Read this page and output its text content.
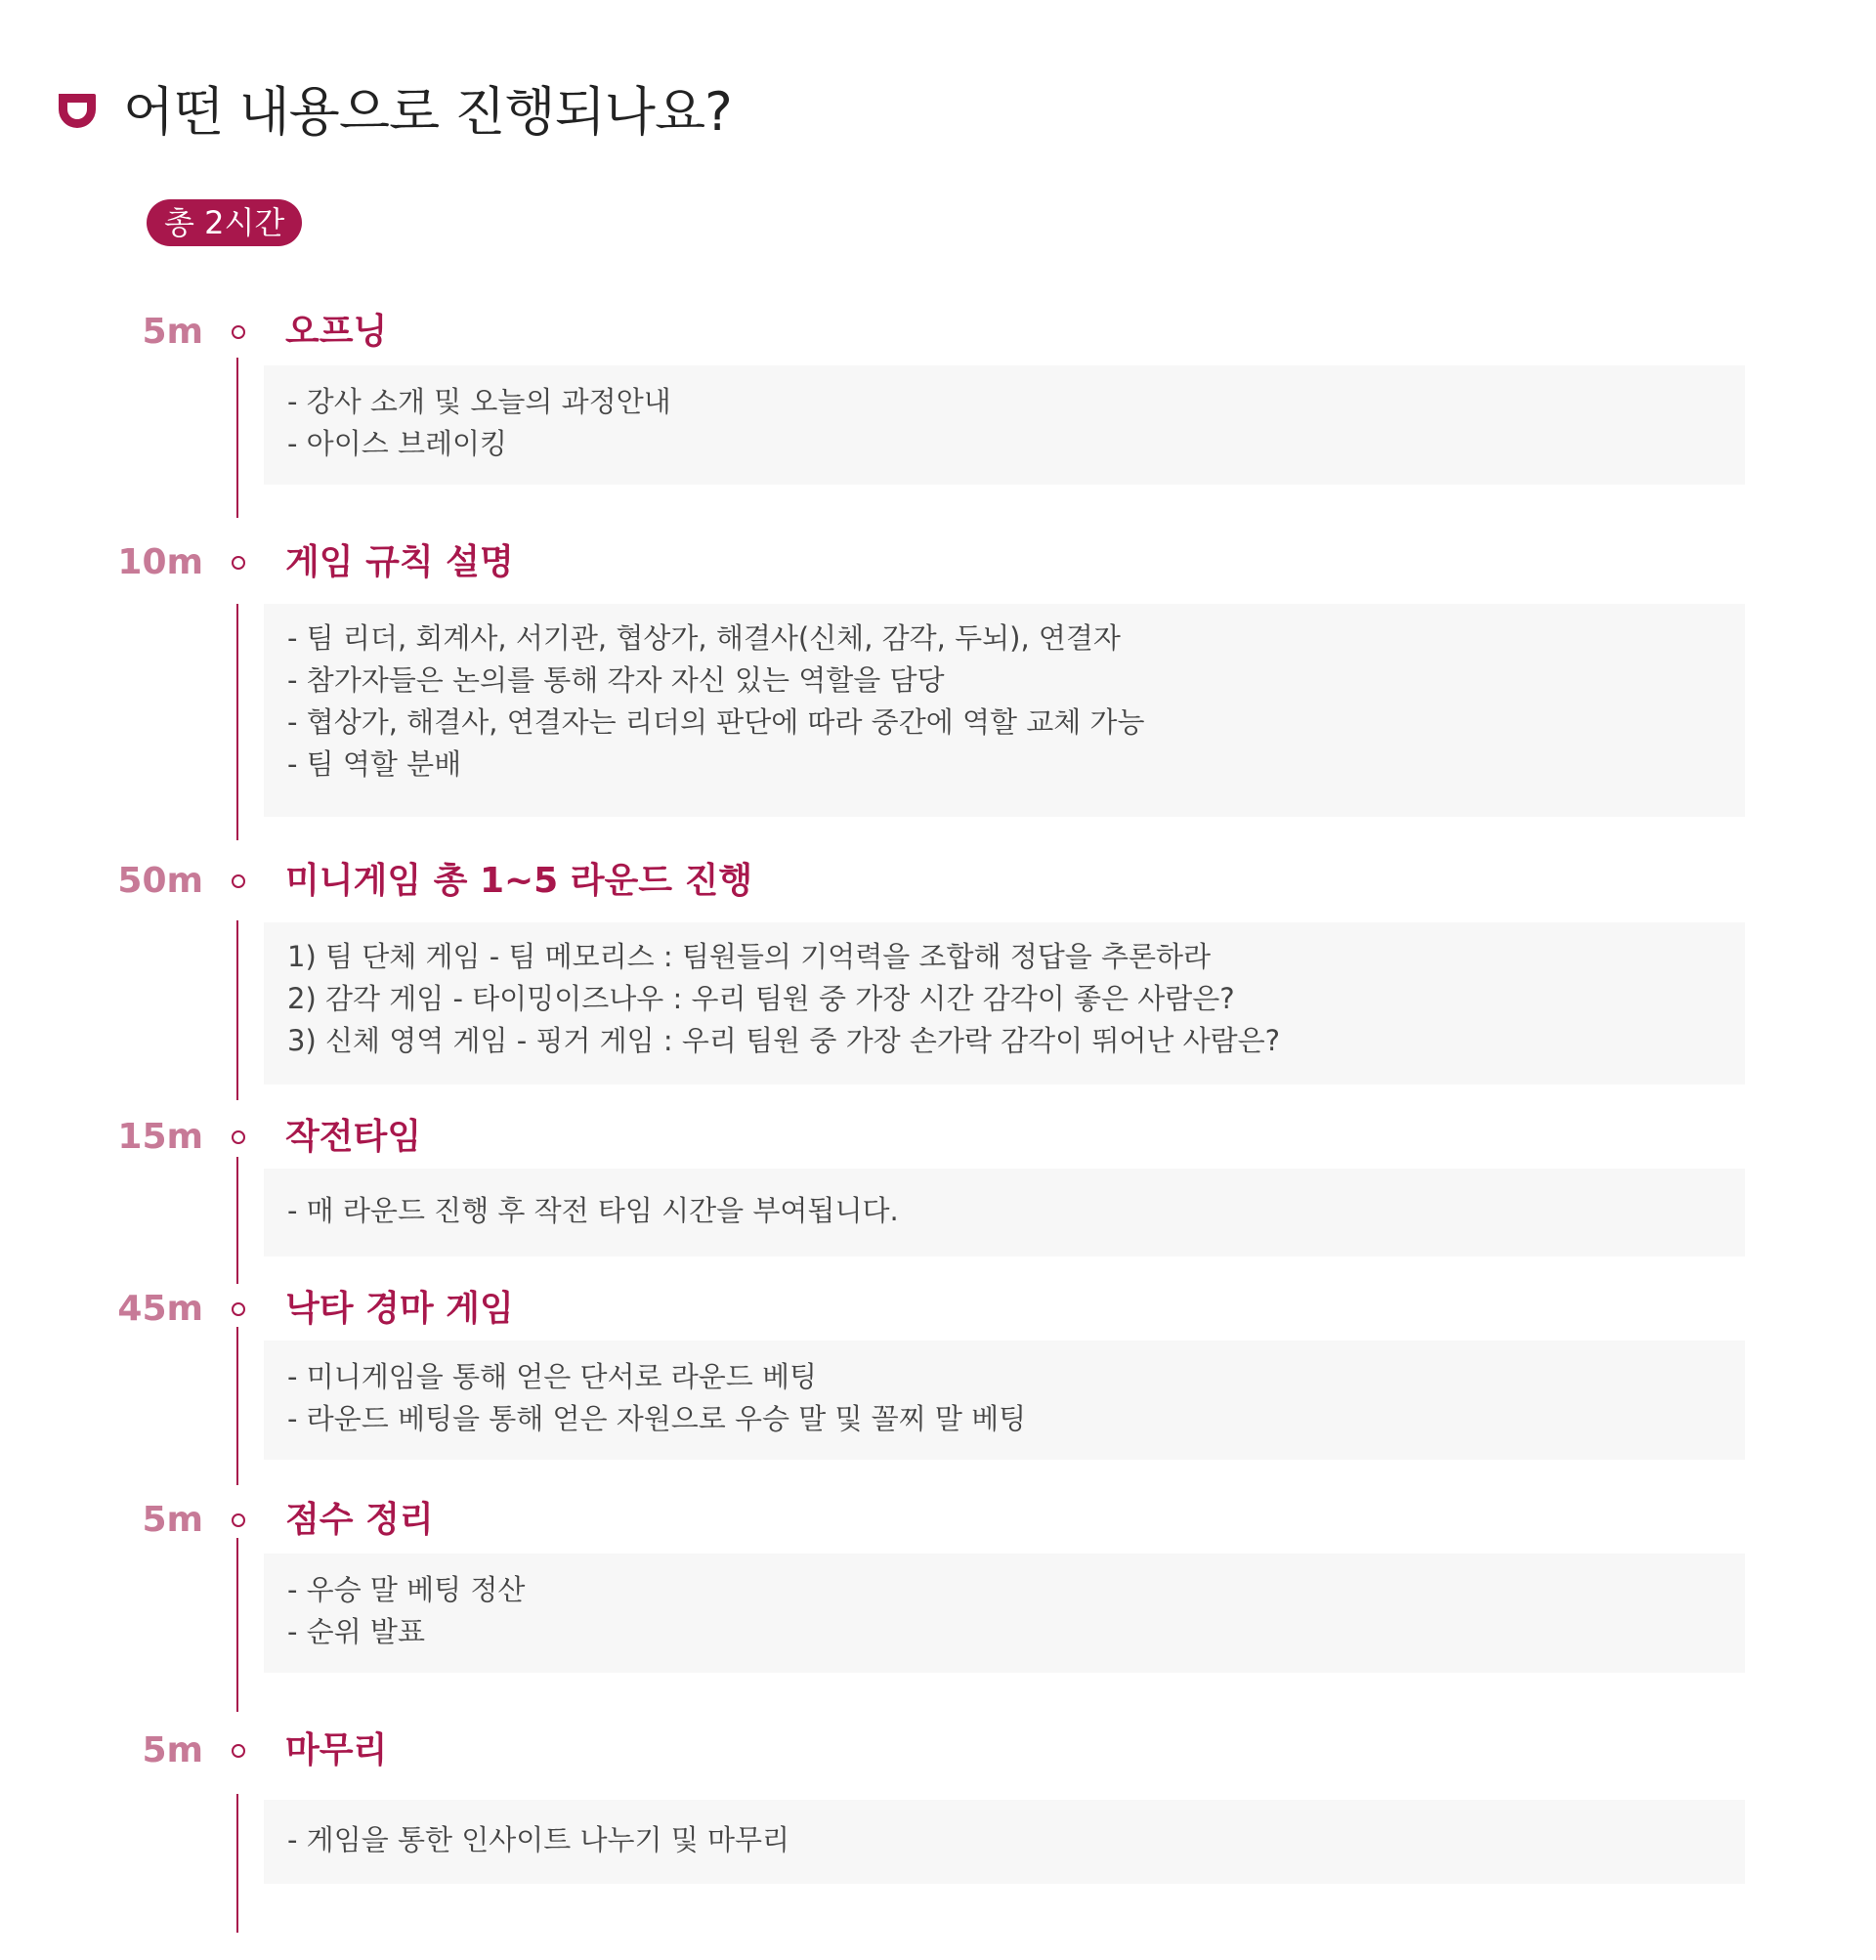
어떤 내용으로 진행되나요?
총 2시간
5m 오프닝
- 강사 소개 및 오늘의 과정안내
- 아이스 브레이킹
10m 게임 규칙 설명
- 팀 리더, 회계사, 서기관, 협상가, 해결사(신체, 감각, 두뇌), 연결자
- 참가자들은 논의를 통해 각자 자신 있는 역할을 담당
- 협상가, 해결사, 연결자는 리더의 판단에 따라 중간에 역할 교체 가능
- 팀 역할 분배
50m 미니게임 총 1~5 라운드 진행
1) 팀 단체 게임 - 팀 메모리스 : 팀원들의 기억력을 조합해 정답을 추론하라
2) 감각 게임 - 타이밍이즈나우 : 우리 팀원 중 가장 시간 감각이 좋은 사람은?
3) 신체 영역 게임 - 핑거 게임 : 우리 팀원 중 가장 손가락 감각이 뛰어난 사람은?
15m 작전타임
- 매 라운드 진행 후 작전 타임 시간을 부여됩니다.
45m 낙타 경마 게임
- 미니게임을 통해 얻은 단서로 라운드 베팅
- 라운드 베팅을 통해 얻은 자원으로 우승 말 및 꼴찌 말 베팅
5m 점수 정리
- 우승 말 베팅 정산
- 순위 발표
5m 마무리
- 게임을 통한 인사이트 나누기 및 마무리
